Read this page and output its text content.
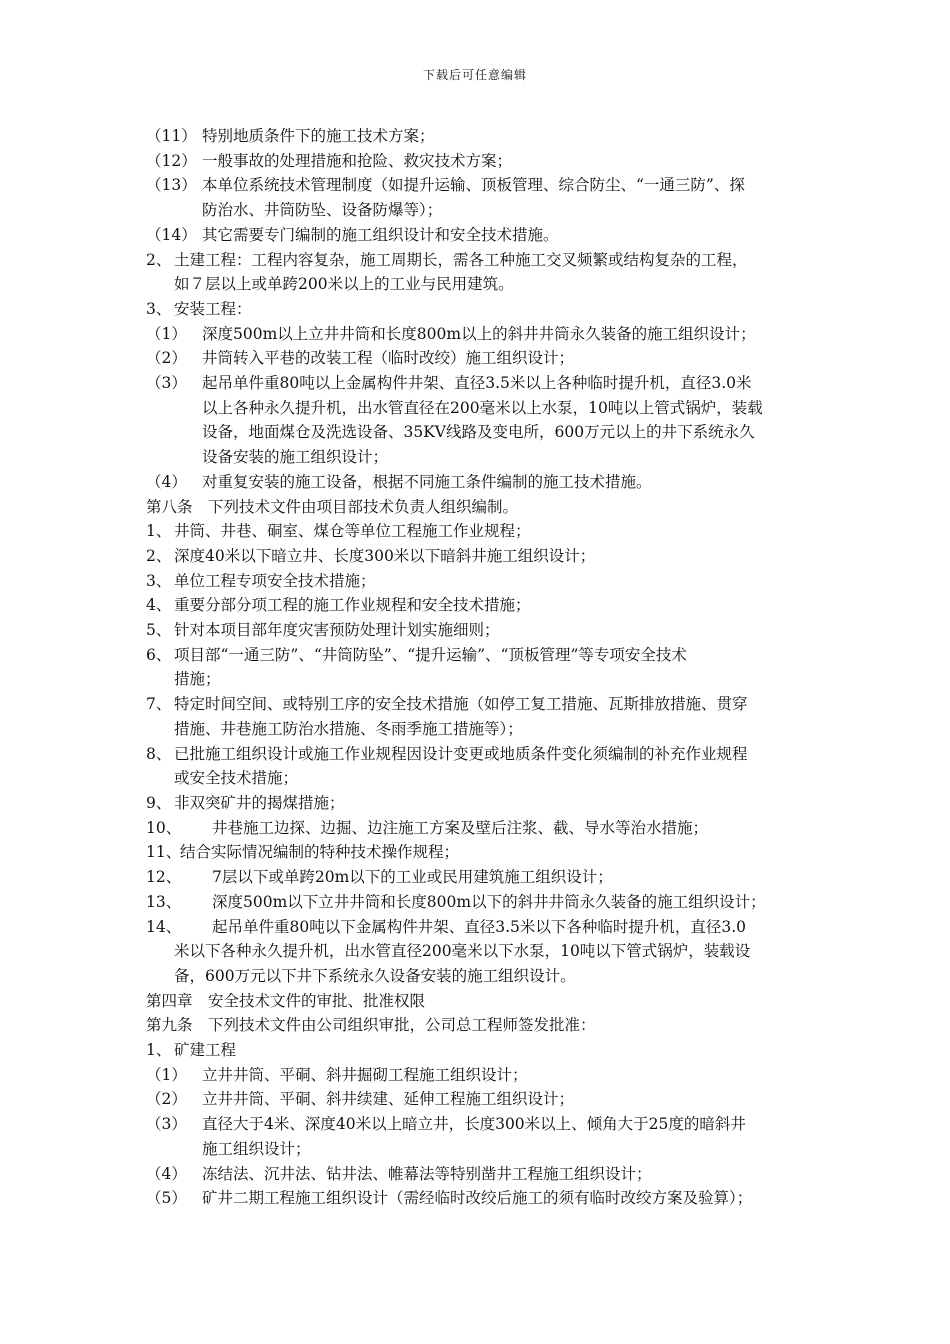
下载后可任意编辑
（11） 特别地质条件下的施工技术方案；
（12） 一般事故的处理措施和抢险、救灾技术方案；
（13） 本单位系统技术管理制度（如提升运输、顶板管理、综合防尘、“一通三防”、探
防治水、井筒防坠、设备防爆等）；
（14） 其它需要专门编制的施工组织设计和安全技术措施。
2、 土建工程：工程内容复杂，施工周期长，需各工种施工交叉频繁或结构复杂的工程，
如７层以上或单跨200米以上的工业与民用建筑。
3、 安装工程：
（1） 深度500m以上立井井筒和长度800m以上的斜井井筒永久装备的施工组织设计；
（2） 井筒转入平巷的改装工程（临时改绞）施工组织设计；
（3） 起吊单件重80吨以上金属构件井架、直径3.5米以上各种临时提升机，直径3.0米
以上各种永久提升机，出水管直径在200毫米以上水泵，10吨以上管式锅炉，装载
设备，地面煤仓及洗选设备、35KV线路及变电所，600万元以上的井下系统永久
设备安装的施工组织设计；
（4） 对重复安装的施工设备，根据不同施工条件编制的施工技术措施。
第八条　下列技术文件由项目部技术负责人组织编制。
1、 井筒、井巷、硐室、煤仓等单位工程施工作业规程；
2、 深度40米以下暗立井、长度300米以下暗斜井施工组织设计；
3、 单位工程专项安全技术措施；
4、 重要分部分项工程的施工作业规程和安全技术措施；
5、 针对本项目部年度灾害预防处理计划实施细则；
6、 项目部“一通三防”、“井筒防坠”、“提升运输”、“顶板管理”等专项安全技术
措施；
7、 特定时间空间、或特别工序的安全技术措施（如停工复工措施、瓦斯排放措施、贯穿
措施、井巷施工防治水措施、冬雨季施工措施等）；
8、 已批施工组织设计或施工作业规程因设计变更或地质条件变化须编制的补充作业规程
或安全技术措施；
9、 非双突矿井的揭煤措施；
10、	井巷施工边探、边掘、边注施工方案及壁后注浆、截、导水等治水措施；
11、
结合实际情况编制的特种技术操作规程；
12、	7层以下或单跨20m以下的工业或民用建筑施工组织设计；
13、	深度500m以下立井井筒和长度800m以下的斜井井筒永久装备的施工组织设计；
14、	起吊单件重80吨以下金属构件井架、直径3.5米以下各种临时提升机，直径3.0
米以下各种永久提升机，出水管直径200毫米以下水泵，10吨以下管式锅炉，装载设
备，600万元以下井下系统永久设备安装的施工组织设计。
第四章　安全技术文件的审批、批准权限
第九条　下列技术文件由公司组织审批，公司总工程师签发批准：
1、 矿建工程
（1） 立井井筒、平硐、斜井掘砌工程施工组织设计；
（2） 立井井筒、平硐、斜井续建、延伸工程施工组织设计；
（3） 直径大于4米、深度40米以上暗立井，长度300米以上、倾角大于25度的暗斜井
施工组织设计；
（4） 冻结法、沉井法、钻井法、帷幕法等特别凿井工程施工组织设计；
（5） 矿井二期工程施工组织设计（需经临时改绞后施工的须有临时改绞方案及验算）；
